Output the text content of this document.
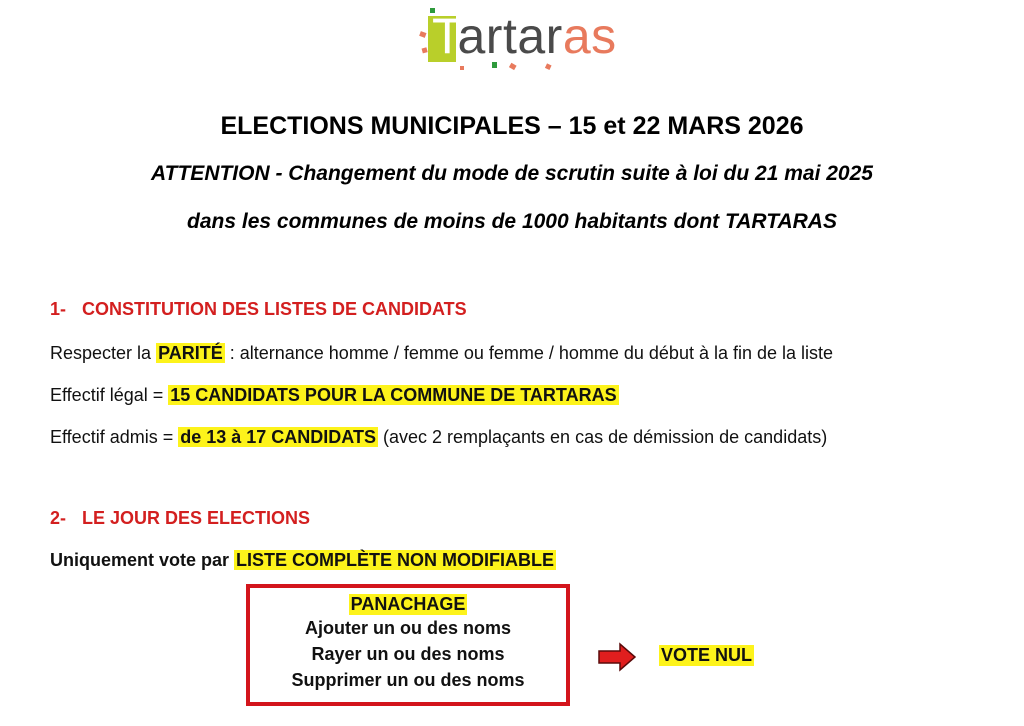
Tartaras
ELECTIONS MUNICIPALES – 15 et 22 MARS 2026
ATTENTION - Changement du mode de scrutin suite à loi du 21 mai 2025
dans les communes de moins de 1000 habitants dont TARTARAS
1- CONSTITUTION DES LISTES DE CANDIDATS
Respecter la PARITÉ : alternance homme / femme ou femme / homme du début à la fin de la liste
Effectif légal = 15 CANDIDATS POUR LA COMMUNE DE TARTARAS
Effectif admis = de 13 à 17 CANDIDATS (avec 2 remplaçants en cas de démission de candidats)
2- LE JOUR DES ELECTIONS
Uniquement vote par LISTE COMPLÈTE NON MODIFIABLE
PANACHAGE
Ajouter un ou des noms
Rayer un ou des noms
Supprimer un ou des noms
VOTE NUL
